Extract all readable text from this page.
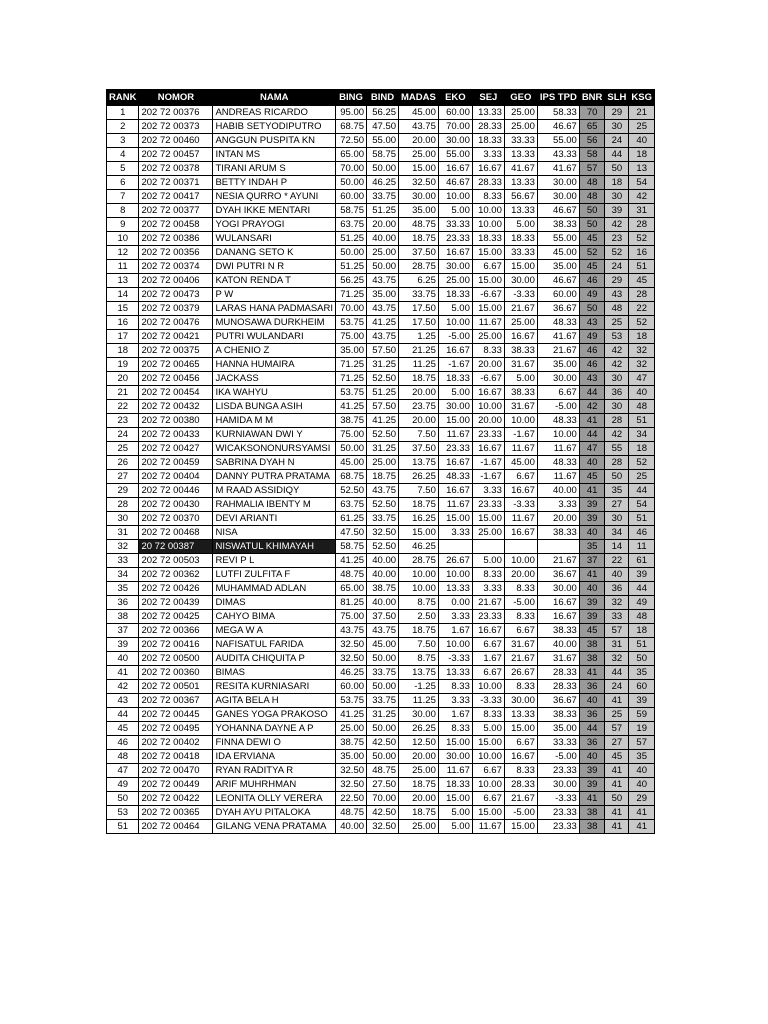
RANK	NOMOR	NAMA	BING	BIND	MADAS	EKO	SEJ	GEO	IPS TPD	BNR	SLH	KSG
1	202 72 00376	ANDREAS RICARDO	95.00	56.25	45.00	60.00	13.33	25.00	58.33	70	29	21
2	202 72 00373	HABIB SETYODIPUTRO	68.75	47.50	43.75	70.00	28.33	25.00	46.67	65	30	25
3	202 72 00460	ANGGUN PUSPITA KN	72.50	55.00	20.00	30.00	18.33	33.33	55.00	56	24	40
4	202 72 00457	INTAN MS	65.00	58.75	25.00	55.00	3.33	13.33	43.33	58	44	18
5	202 72 00378	TIRANI ARUM S	70.00	50.00	15.00	16.67	16.67	41.67	41.67	57	50	13
6	202 72 00371	BETTY INDAH P	50.00	46.25	32.50	46.67	28.33	13.33	30.00	48	18	54
7	202 72 00417	NESIA QURRO * AYUNI	60.00	33.75	30.00	10.00	8.33	56.67	30.00	48	30	42
8	202 72 00377	DYAH IKKE MENTARI	58.75	51.25	35.00	5.00	10.00	13.33	46.67	50	39	31
9	202 72 00458	YOGI PRAYOGI	63.75	20.00	48.75	33.33	10.00	5.00	38.33	50	42	28
10	202 72 00386	WULANSARI	51.25	40.00	18.75	23.33	18.33	18.33	55.00	45	23	52
12	202 72 00356	DANANG SETO K	50.00	25.00	37.50	16.67	15.00	33.33	45.00	52	52	16
11	202 72 00374	DWI PUTRI N R	51.25	50.00	28.75	30.00	6.67	15.00	35.00	45	24	51
13	202 72 00406	KATON RENDA T	56.25	43.75	6.25	25.00	15.00	30.00	46.67	46	29	45
14	202 72 00473	P W	71.25	35.00	33.75	18.33	-6.67	-3.33	60.00	49	43	28
15	202 72 00379	LARAS HANA PADMASARI	70.00	43.75	17.50	5.00	15.00	21.67	36.67	50	48	22
16	202 72 00476	MUNOSAWA DURKHEIM	53.75	41.25	17.50	10.00	11.67	25.00	48.33	43	25	52
17	202 72 00421	PUTRI WULANDARI	75.00	43.75	1.25	-5.00	25.00	16.67	41.67	49	53	18
18	202 72 00375	A CHENIO Z	35.00	57.50	21.25	16.67	8.33	38.33	21.67	46	42	32
19	202 72 00465	HANNA HUMAIRA	71.25	31.25	11.25	-1.67	20.00	31.67	35.00	46	42	32
20	202 72 00456	JACKASS	71.25	52.50	18.75	18.33	-6.67	5.00	30.00	43	30	47
21	202 72 00454	IKA WAHYU	53.75	51.25	20.00	5.00	16.67	38.33	6.67	44	36	40
22	202 72 00432	LISDA BUNGA ASIH	41.25	57.50	23.75	30.00	10.00	31.67	-5.00	42	30	48
23	202 72 00380	HAMIDA M M	38.75	41.25	20.00	15.00	20.00	10.00	48.33	41	28	51
24	202 72 00433	KURNIAWAN DWI Y	75.00	52.50	7.50	11.67	23.33	-1.67	10.00	44	42	34
25	202 72 00427	WICAKSONONURSYAMSI	50.00	31.25	37.50	23.33	16.67	11.67	11.67	47	55	18
26	202 72 00459	SABRINA DYAH N	45.00	25.00	13.75	16.67	-1.67	45.00	48.33	40	28	52
27	202 72 00404	DANNY PUTRA PRATAMA	68.75	18.75	26.25	48.33	-1.67	6.67	11.67	45	50	25
29	202 72 00446	M RAAD ASSIDIQY	52.50	43.75	7.50	16.67	3.33	16.67	40.00	41	35	44
28	202 72 00430	RAHMALIA IBENTY M	63.75	52.50	18.75	11.67	23.33	-3.33	3.33	39	27	54
30	202 72 00370	DEVI ARIANTI	61.25	33.75	16.25	15.00	15.00	11.67	20.00	39	30	51
31	202 72 00468	NISA	47.50	32.50	15.00	3.33	25.00	16.67	38.33	40	34	46
32	20 72 00387	NISWATUL KHIMAYAH	58.75	52.50	46.25					35	14	11
33	202 72 00503	REVI P L	41.25	40.00	28.75	26.67	5.00	10.00	21.67	37	22	61
34	202 72 00362	LUTFI ZULFITA F	48.75	40.00	10.00	10.00	8.33	20.00	36.67	41	40	39
35	202 72 00426	MUHAMMAD ADLAN	65.00	38.75	10.00	13.33	3.33	8.33	30.00	40	36	44
36	202 72 00439	DIMAS	81.25	40.00	8.75	0.00	21.67	-5.00	16.67	39	32	49
38	202 72 00425	CAHYO BIMA	75.00	37.50	2.50	3.33	23.33	8.33	16.67	39	33	48
37	202 72 00366	MEGA W A	43.75	43.75	18.75	1.67	16.67	6.67	38.33	45	57	18
39	202 72 00416	NAFISATUL FARIDA	32.50	45.00	7.50	10.00	6.67	31.67	40.00	38	31	51
40	202 72 00500	AUDITA CHIQUITA P	32.50	50.00	8.75	-3.33	1.67	21.67	31.67	38	32	50
41	202 72 00360	BIMAS	46.25	33.75	13.75	13.33	6.67	26.67	28.33	41	44	35
42	202 72 00501	RESITA KURNIASARI	60.00	50.00	-1.25	8.33	10.00	8.33	28.33	36	24	60
43	202 72 00367	AGITA BELA H	53.75	33.75	11.25	3.33	-3.33	30.00	36.67	40	41	39
44	202 72 00445	GANES YOGA PRAKOSO	41.25	31.25	30.00	1.67	8.33	13.33	38.33	36	25	59
45	202 72 00495	YOHANNA DAYNE A P	25.00	50.00	26.25	8.33	5.00	15.00	35.00	44	57	19
46	202 72 00402	FINNA DEWI O	38.75	42.50	12.50	15.00	15.00	6.67	33.33	36	27	57
48	202 72 00418	IDA ERVIANA	35.00	50.00	20.00	30.00	10.00	16.67	-5.00	40	45	35
47	202 72 00470	RYAN RADITYA R	32.50	48.75	25.00	11.67	6.67	8.33	23.33	39	41	40
49	202 72 00449	ARIF MUHRHMAN	32.50	27.50	18.75	18.33	10.00	28.33	30.00	39	41	40
50	202 72 00422	LEONITA OLLY VERERA	22.50	70.00	20.00	15.00	6.67	21.67	-3.33	41	50	29
53	202 72 00365	DYAH AYU PITALOKA	48.75	42.50	18.75	5.00	15.00	-5.00	23.33	38	41	41
51	202 72 00464	GILANG VENA PRATAMA	40.00	32.50	25.00	5.00	11.67	15.00	23.33	38	41	41
